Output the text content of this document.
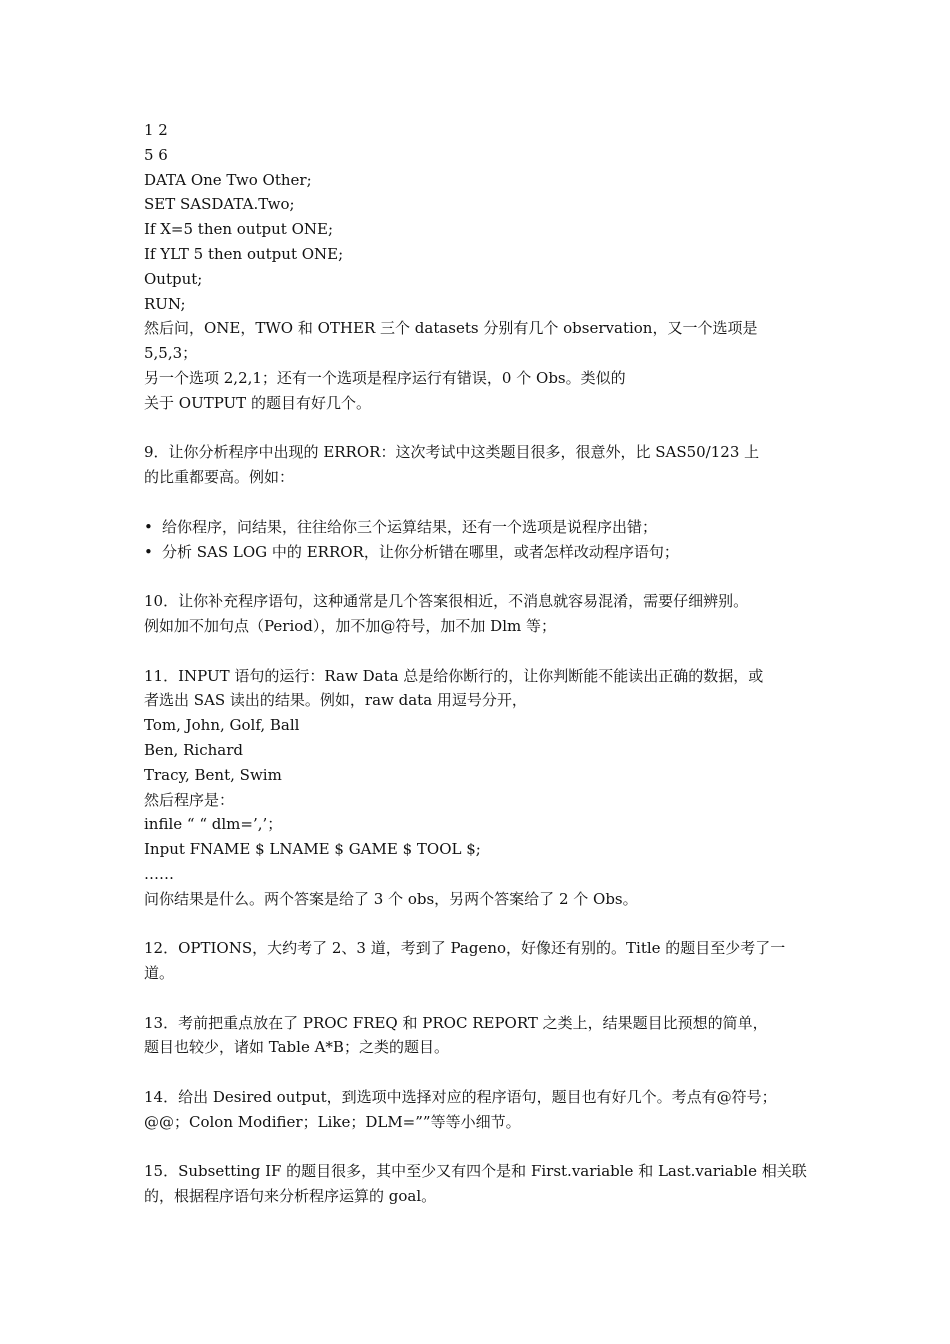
1 2
5 6
DATA One Two Other;
SET SASDATA.Two;
If X=5 then output ONE;
If YLT 5 then output ONE;
Output;
RUN;
然后问，ONE，TWO 和 OTHER 三个 datasets 分别有几个 observation，又一个选项是 5,5,3；
另一个选项 2,2,1；还有一个选项是程序运行有错误，0 个 Obs。类似的
关于 OUTPUT 的题目有好几个。
9．让你分析程序中出现的 ERROR：这次考试中这类题目很多，很意外，比 SAS50/123 上
的比重都要高。例如：
• 给你程序，问结果，往往给你三个运算结果，还有一个选项是说程序出错；
• 分析 SAS LOG 中的 ERROR，让你分析错在哪里，或者怎样改动程序语句；
10．让你补充程序语句，这种通常是几个答案很相近，不消息就容易混淆，需要仔细辨别。
例如加不加句点（Period），加不加@符号，加不加 Dlm 等；
11．INPUT 语句的运行：Raw Data 总是给你断行的，让你判断能不能读出正确的数据，或
者选出 SAS 读出的结果。例如，raw data 用逗号分开，
Tom, John, Golf, Ball
Ben, Richard
Tracy, Bent, Swim
然后程序是：
infile “ “ dlm=’,’；
Input FNAME $ LNAME $ GAME $ TOOL $;
……
问你结果是什么。两个答案是给了 3 个 obs，另两个答案给了 2 个 Obs。
12．OPTIONS，大约考了 2、3 道，考到了 Pageno，好像还有别的。Title 的题目至少考了一
道。
13．考前把重点放在了 PROC FREQ 和 PROC REPORT 之类上，结果题目比预想的简单，
题目也较少，诸如 Table A*B；之类的题目。
14．给出 Desired output，到选项中选择对应的程序语句，题目也有好几个。考点有@符号；
@@；Colon Modifier；Like；DLM=””等等小细节。
15．Subsetting IF 的题目很多，其中至少又有四个是和 First.variable 和 Last.variable 相关联
的，根据程序语句来分析程序运算的 goal。
